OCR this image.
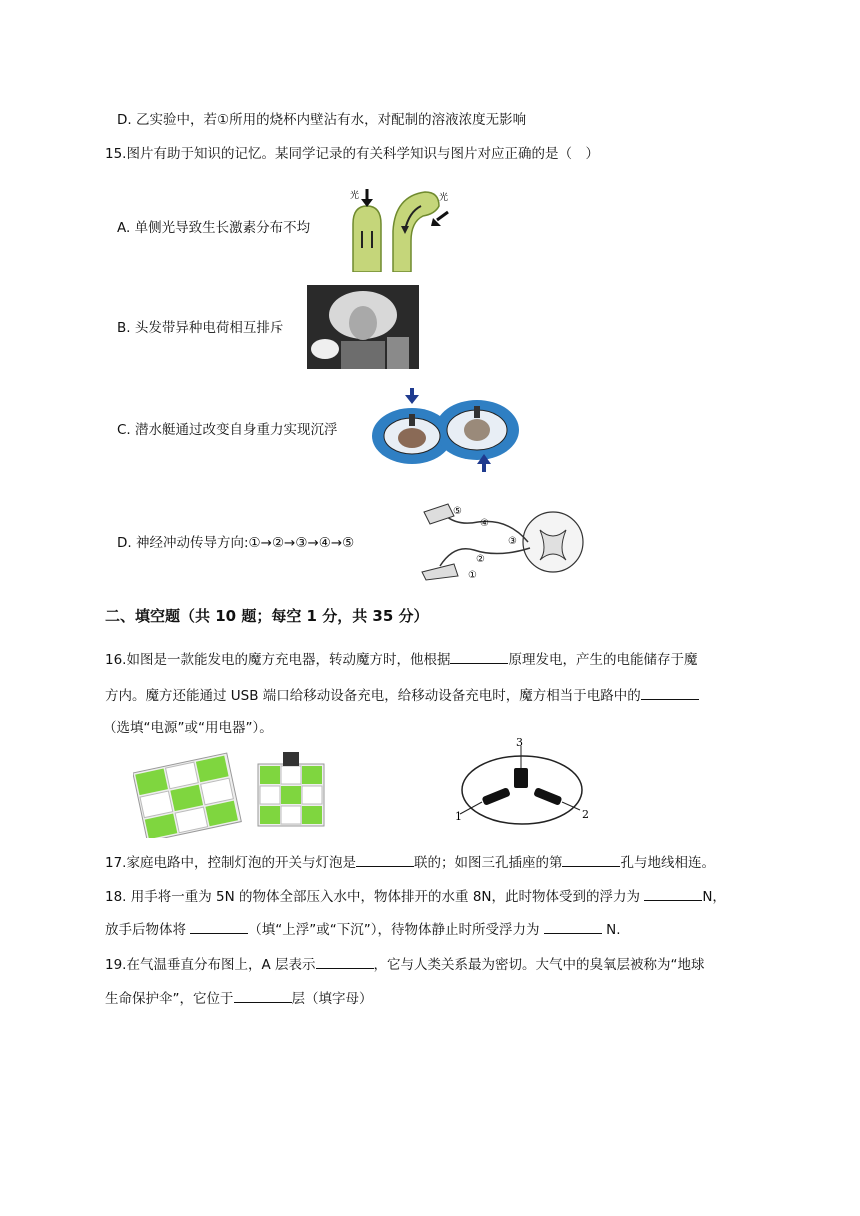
D. 乙实验中，若①所用的烧杯内壁沾有水，对配制的溶液浓度无影响
15.图片有助于知识的记忆。某同学记录的有关科学知识与图片对应正确的是（　）
A. 单侧光导致生长激素分布不均
光	光
B. 头发带异种电荷相互排斥
C. 潜水艇通过改变自身重力实现沉浮
D. 神经冲动传导方向:①→②→③→④→⑤
⑤
④
③
②
①
二、填空题（共 10 题；每空 1 分，共 35 分）
16.如图是一款能发电的魔方充电器，转动魔方时，他根据	原理发电，产生的电能储存于魔
方内。魔方还能通过 USB 端口给移动设备充电，给移动设备充电时，魔方相当于电路中的
（选填“电源”或“用电器”）。
3
1	2
17.家庭电路中，控制灯泡的开关与灯泡是	联的；如图三孔插座的第	孔与地线相连。
18. 用手将一重为 5N 的物体全部压入水中，物体排开的水重 8N，此时物体受到的浮力为	N，
放手后物体将	（填“上浮”或“下沉”），待物体静止时所受浮力为	N.
19.在气温垂直分布图上，A 层表示	，它与人类关系最为密切。大气中的臭氧层被称为“地球
生命保护伞”，它位于	层（填字母）
